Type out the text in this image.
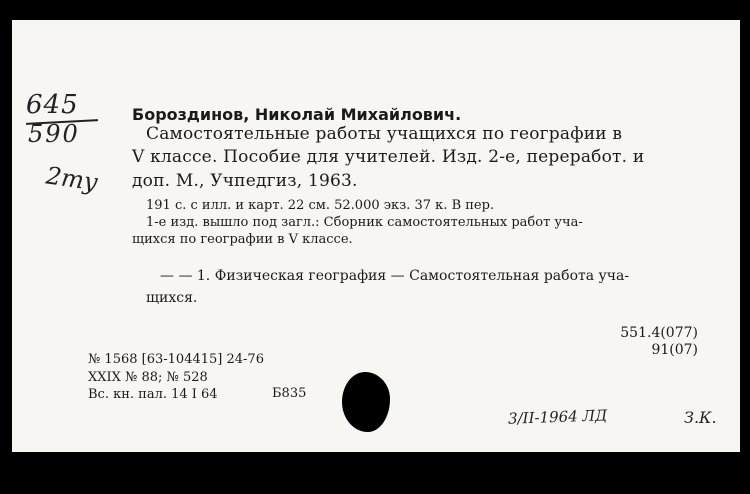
645
590
2ту
Бороздинов, Николай Михайлович.
Самостоятельные работы учащихся по географии в
V классе. Пособие для учителей. Изд. 2-е, переработ. и
доп. М., Учпедгиз, 1963.
191 с. с илл. и карт. 22 см. 52.000 экз. 37 к. В пер.
1-е изд. вышло под загл.: Сборник самостоятельных работ уча-
щихся по географии в V классе.
— — 1. Физическая география — Самостоятельная работа уча-
щихся.
551.4(077)
91(07)
№ 1568 [63-104415] 24-76
XXIX № 88; № 528
Вс. кн. пал. 14 I 64	Б835
3/II-1964 ЛД	З.К.
